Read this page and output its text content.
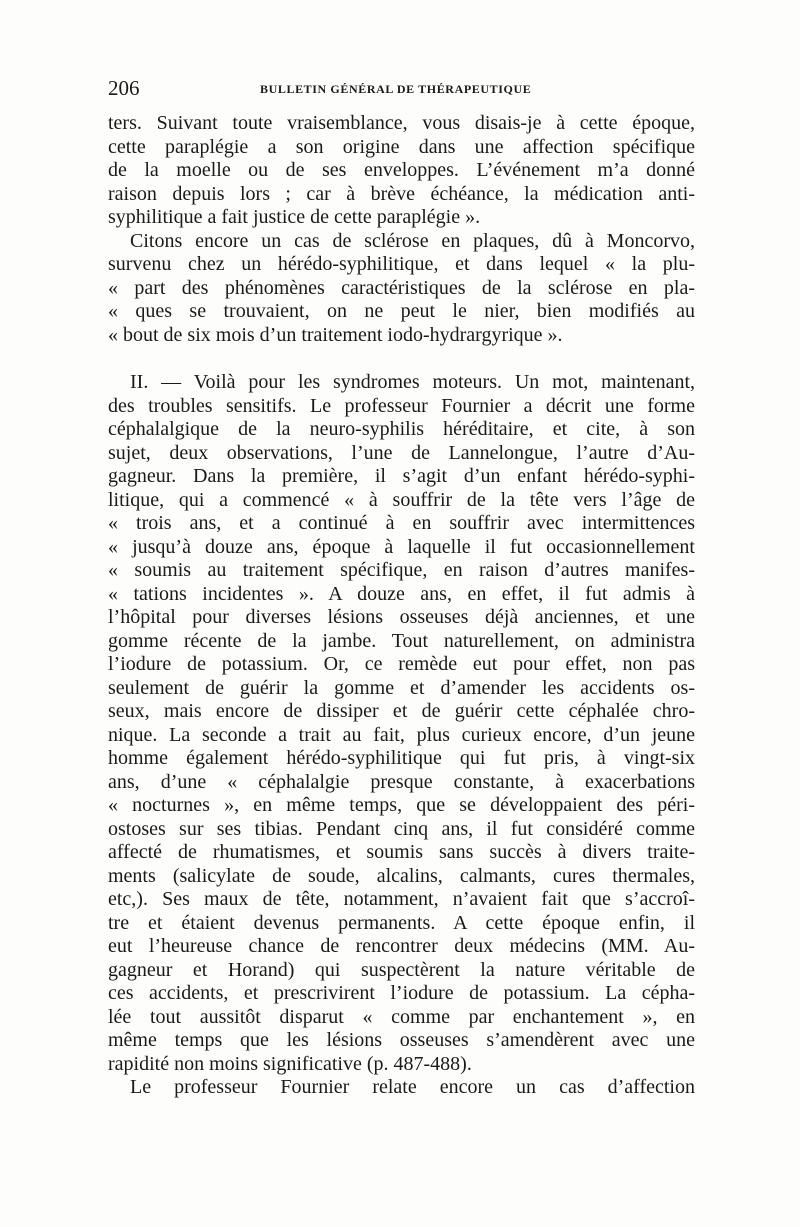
206	BULLETIN GÉNÉRAL DE THÉRAPEUTIQUE
ters. Suivant toute vraisemblance, vous disais-je à cette époque,
cette paraplégie a son origine dans une affection spécifique
de la moelle ou de ses enveloppes. L’événement m’a donné
raison depuis lors ; car à brève échéance, la médication anti-
syphilitique a fait justice de cette paraplégie ».
Citons encore un cas de sclérose en plaques, dû à Moncorvo,
survenu chez un hérédo-syphilitique, et dans lequel « la plu-
« part des phénomènes caractéristiques de la sclérose en pla-
« ques se trouvaient, on ne peut le nier, bien modifiés au
« bout de six mois d’un traitement iodo-hydrargyrique ».
II. — Voilà pour les syndromes moteurs. Un mot, maintenant,
des troubles sensitifs. Le professeur Fournier a décrit une forme
céphalalgique de la neuro-syphilis héréditaire, et cite, à son
sujet, deux observations, l’une de Lannelongue, l’autre d’Au-
gagneur. Dans la première, il s’agit d’un enfant hérédo-syphi-
litique, qui a commencé « à souffrir de la tête vers l’âge de
« trois ans, et a continué à en souffrir avec intermittences
« jusqu’à douze ans, époque à laquelle il fut occasionnellement
« soumis au traitement spécifique, en raison d’autres manifes-
« tations incidentes ». A douze ans, en effet, il fut admis à
l’hôpital pour diverses lésions osseuses déjà anciennes, et une
gomme récente de la jambe. Tout naturellement, on administra
l’iodure de potassium. Or, ce remède eut pour effet, non pas
seulement de guérir la gomme et d’amender les accidents os-
seux, mais encore de dissiper et de guérir cette céphalée chro-
nique. La seconde a trait au fait, plus curieux encore, d’un jeune
homme également hérédo-syphilitique qui fut pris, à vingt-six
ans, d’une « céphalalgie presque constante, à exacerbations
« nocturnes », en même temps, que se développaient des péri-
ostoses sur ses tibias. Pendant cinq ans, il fut considéré comme
affecté de rhumatismes, et soumis sans succès à divers traite-
ments (salicylate de soude, alcalins, calmants, cures thermales,
etc,). Ses maux de tête, notamment, n’avaient fait que s’accroî-
tre et étaient devenus permanents. A cette époque enfin, il
eut l’heureuse chance de rencontrer deux médecins (MM. Au-
gagneur et Horand) qui suspectèrent la nature véritable de
ces accidents, et prescrivirent l’iodure de potassium. La cépha-
lée tout aussitôt disparut « comme par enchantement », en
même temps que les lésions osseuses s’amendèrent avec une
rapidité non moins significative (p. 487-488).
Le professeur Fournier relate encore un cas d’affection
